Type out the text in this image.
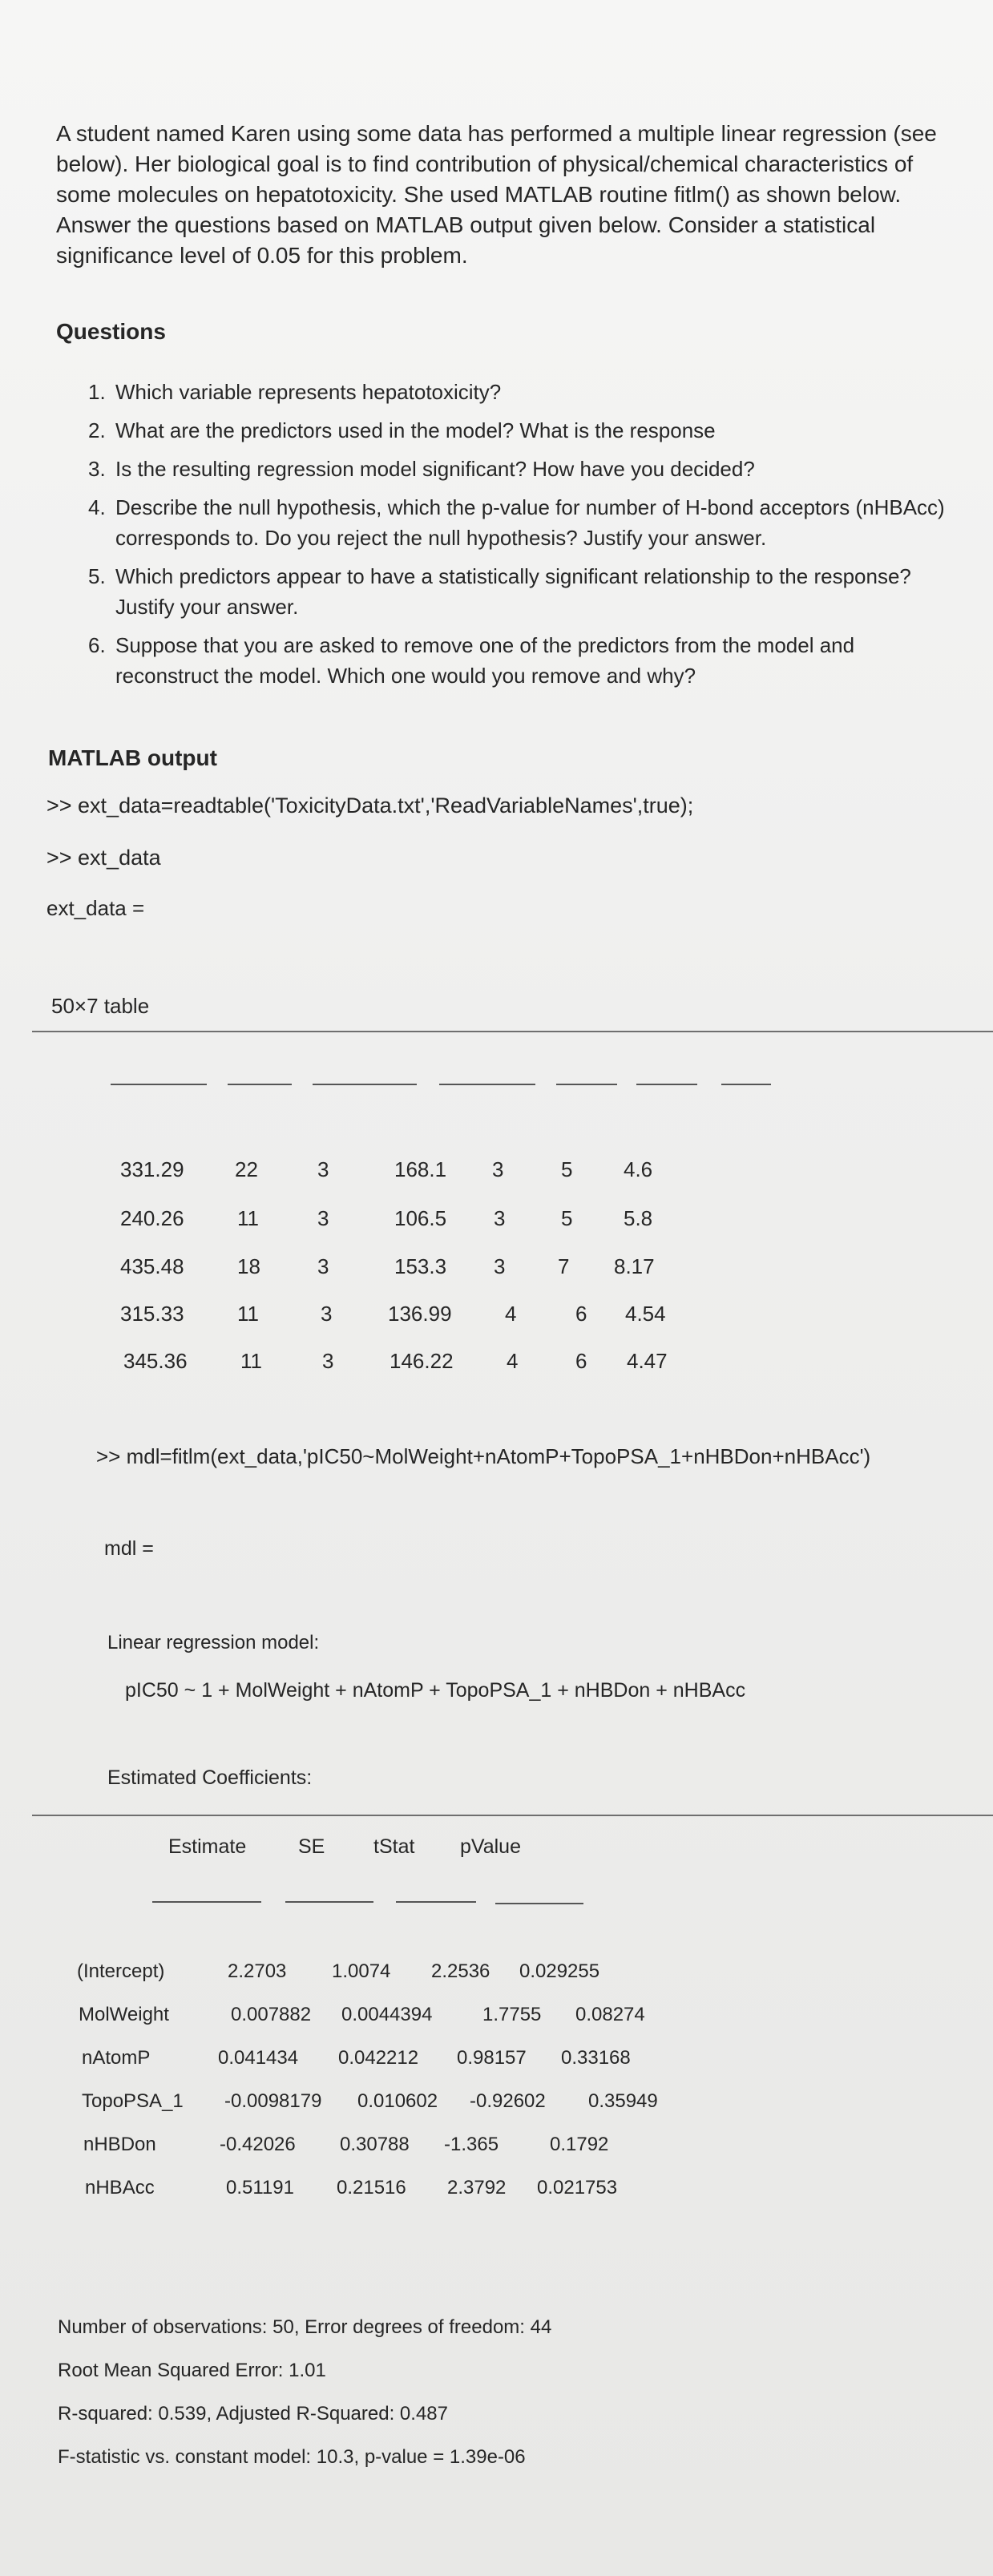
A student named Karen using some data has performed a multiple linear regression (see below). Her biological goal is to find contribution of physical/chemical characteristics of some molecules on hepatotoxicity. She used MATLAB routine fitlm() as shown below. Answer the questions based on MATLAB output given below. Consider a statistical significance level of 0.05 for this problem.
Questions
1. Which variable represents hepatotoxicity?
2. What are the predictors used in the model? What is the response
3. Is the resulting regression model significant? How have you decided?
4. Describe the null hypothesis, which the p-value for number of H-bond acceptors (nHBAcc) corresponds to. Do you reject the null hypothesis? Justify your answer.
5. Which predictors appear to have a statistically significant relationship to the response? Justify your answer.
6. Suppose that you are asked to remove one of the predictors from the model and reconstruct the model. Which one would you remove and why?
MATLAB output
>> ext_data=readtable('ToxicityData.txt','ReadVariableNames',true);
>> ext_data
ext_data =
50×7 table
331.29 22	3	168.1 3	5 4.6
240.26	11	3	106.5 3	5 5.8
435.48	18	3	153.3 3	7 8.17
315.33	11	3	136.99	4	6 4.54
345.36	11	3	146.22	4	6 4.47
>> mdl=fitlm(ext_data,'pIC50~MolWeight+nAtomP+TopoPSA_1+nHBDon+nHBAcc')
mdl =
Linear regression model:
pIC50 ~ 1 + MolWeight + nAtomP + TopoPSA_1 + nHBDon + nHBAcc
Estimated Coefficients:
Estimate	SE tStat pValue
(Intercept)	2.2703 1.0074 2.2536 0.029255
MolWeight	0.007882 0.0044394	1.7755 0.08274
nAtomP	0.041434 0.042212 0.98157 0.33168
TopoPSA_1 -0.0098179 0.010602 -0.92602 0.35949
nHBDon	-0.42026 0.30788 -1.365	0.1792
nHBAcc	0.51191 0.21516 2.3792 0.021753
Number of observations: 50, Error degrees of freedom: 44
Root Mean Squared Error: 1.01
R-squared: 0.539, Adjusted R-Squared: 0.487
F-statistic vs. constant model: 10.3, p-value = 1.39e-06
